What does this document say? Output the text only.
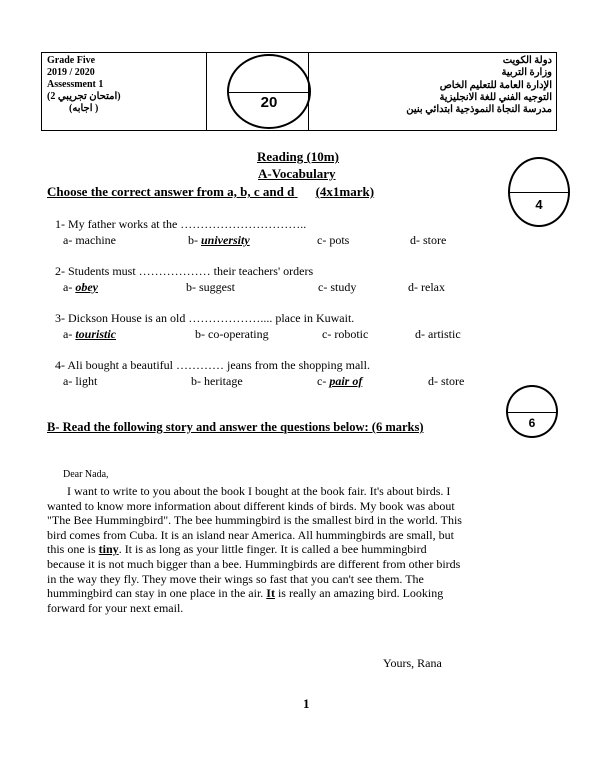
Grade Five
2019 / 2020
Assessment 1
(امتحان تجريبي 2)
( اجابه)	20
دولة الكويت
وزارة التربية
الإدارة العامة للتعليم الخاص
التوجيه الفني للغة الانجليزية
مدرسة النجاة النموذجية ابتدائي بنين
Reading (10m)
A-Vocabulary
Choose the correct answer from a, b, c and d (4x1mark)
4
1- My father works at the …………………………..
a- machine	b- university	c- pots	d- store
2- Students must ……………… their teachers' orders
a- obey	b- suggest	c- study	d- relax
3- Dickson House is an old ……………….... place in Kuwait.
a- touristic	b- co-operating	c- robotic	d- artistic
4- Ali bought a beautiful ………… jeans from the shopping mall.
a- light	b- heritage	c- pair of	d- store
B- Read the following story and answer the questions below: (6 marks)	6
Dear Nada,

I want to write to you about the book I bought at the book fair. It's about birds. I wanted to know more information about different kinds of birds. My book was about "The Bee Hummingbird". The bee hummingbird is the smallest bird in the world. This bird comes from Cuba. It is an island near America. All hummingbirds are small, but this one is tiny. It is as long as your little finger. It is called a bee hummingbird because it is not much bigger than a bee. Hummingbirds are different from other birds in the way they fly. They move their wings so fast that you can't see them. The hummingbird can stay in one place in the air. It is really an amazing bird. Looking forward for your next email.

Yours, Rana
1
